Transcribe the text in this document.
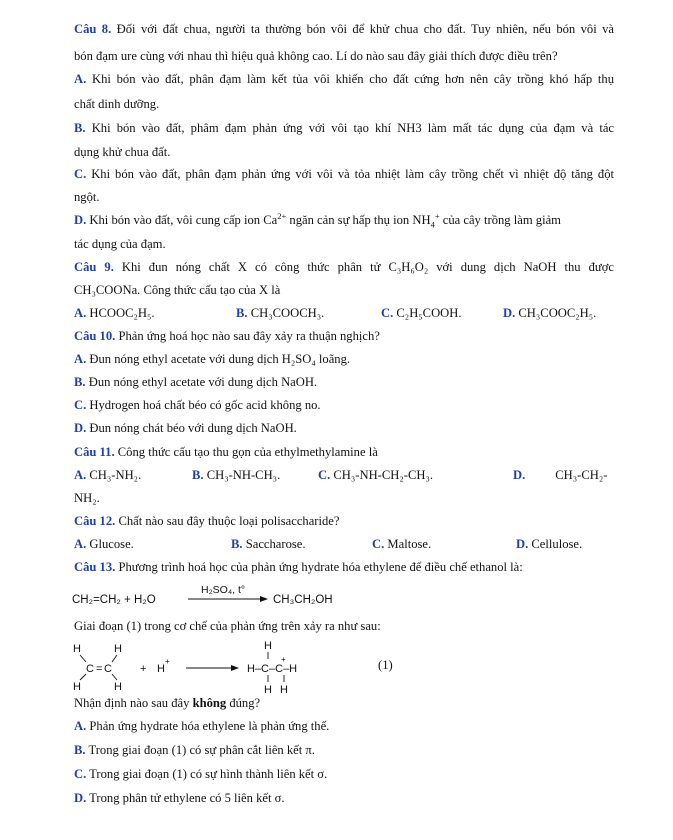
Câu 8. Đối với đất chua, người ta thường bón vôi để khử chua cho đất. Tuy nhiên, nếu bón vôi và
bón đạm ure cùng với nhau thì hiệu quả không cao. Lí do nào sau đây giải thích được điều trên?
A. Khi bón vào đất, phân đạm làm kết tủa vôi khiến cho đất cứng hơn nên cây trồng khó hấp thụ
chất dinh dưỡng.
B. Khi bón vào đất, phâm đạm phản ứng với vôi tạo khí NH3 làm mất tác dụng của đạm và tác
dụng khử chua đất.
C. Khi bón vào đất, phân đạm phản ứng với vôi và tỏa nhiệt làm cây trồng chết vì nhiệt độ tăng đột
ngột.
D. Khi bón vào đất, vôi cung cấp ion $Ca^{2+}$ ngăn cản sự hấp thụ ion $NH_4^+$ của cây trồng làm giảm
tác dụng của đạm.
Câu 9. Khi đun nóng chất X có công thức phân tử C₃H₆O₂ với dung dịch NaOH thu được
CH₃COONa. Công thức cấu tạo của X là
A. HCOOC₂H₅.	B. CH₃COOCH₃.	C. C₂H₅COOH.	D. CH₃COOC₂H₅.
Câu 10. Phản ứng hoá học nào sau đây xảy ra thuận nghịch?
A. Đun nóng ethyl acetate với dung dịch H₂SO₄ loãng.
B. Đun nóng ethyl acetate với dung dịch NaOH.
C. Hydrogen hoá chất béo có gốc acid không no.
D. Đun nóng chát béo với dung dịch NaOH.
Câu 11. Công thức cấu tạo thu gọn của ethylmethylamine là
A. CH₃-NH₂.	B. CH₃-NH-CH₃.	C. CH₃-NH-CH₂-CH₃.	D. CH₃-CH₂-
NH₂.
Câu 12. Chất nào sau đây thuộc loại polisaccharide?
A. Glucose.	B. Saccharose.	C. Maltose.	D. Cellulose.
Câu 13. Phương trình hoá học của phản ứng hydrate hóa ethylene để điều chế ethanol là:
CH₂=CH₂ + H₂O
H₂SO₄, t°
CH₃CH₂OH
Giai đoạn (1) trong cơ chế của phản ứng trên xảy ra như sau:
H
H
H
H
C = C	+ H
+
H
H–C–C–H
+
H H
(1)
Nhận định nào sau đây không đúng?
A. Phản ứng hydrate hóa ethylene là phản ứng thế.
B. Trong giai đoạn (1) có sự phân cắt liên kết π.
C. Trong giai đoạn (1) có sự hình thành liên kết σ.
D. Trong phân tử ethylene có 5 liên kết σ.
